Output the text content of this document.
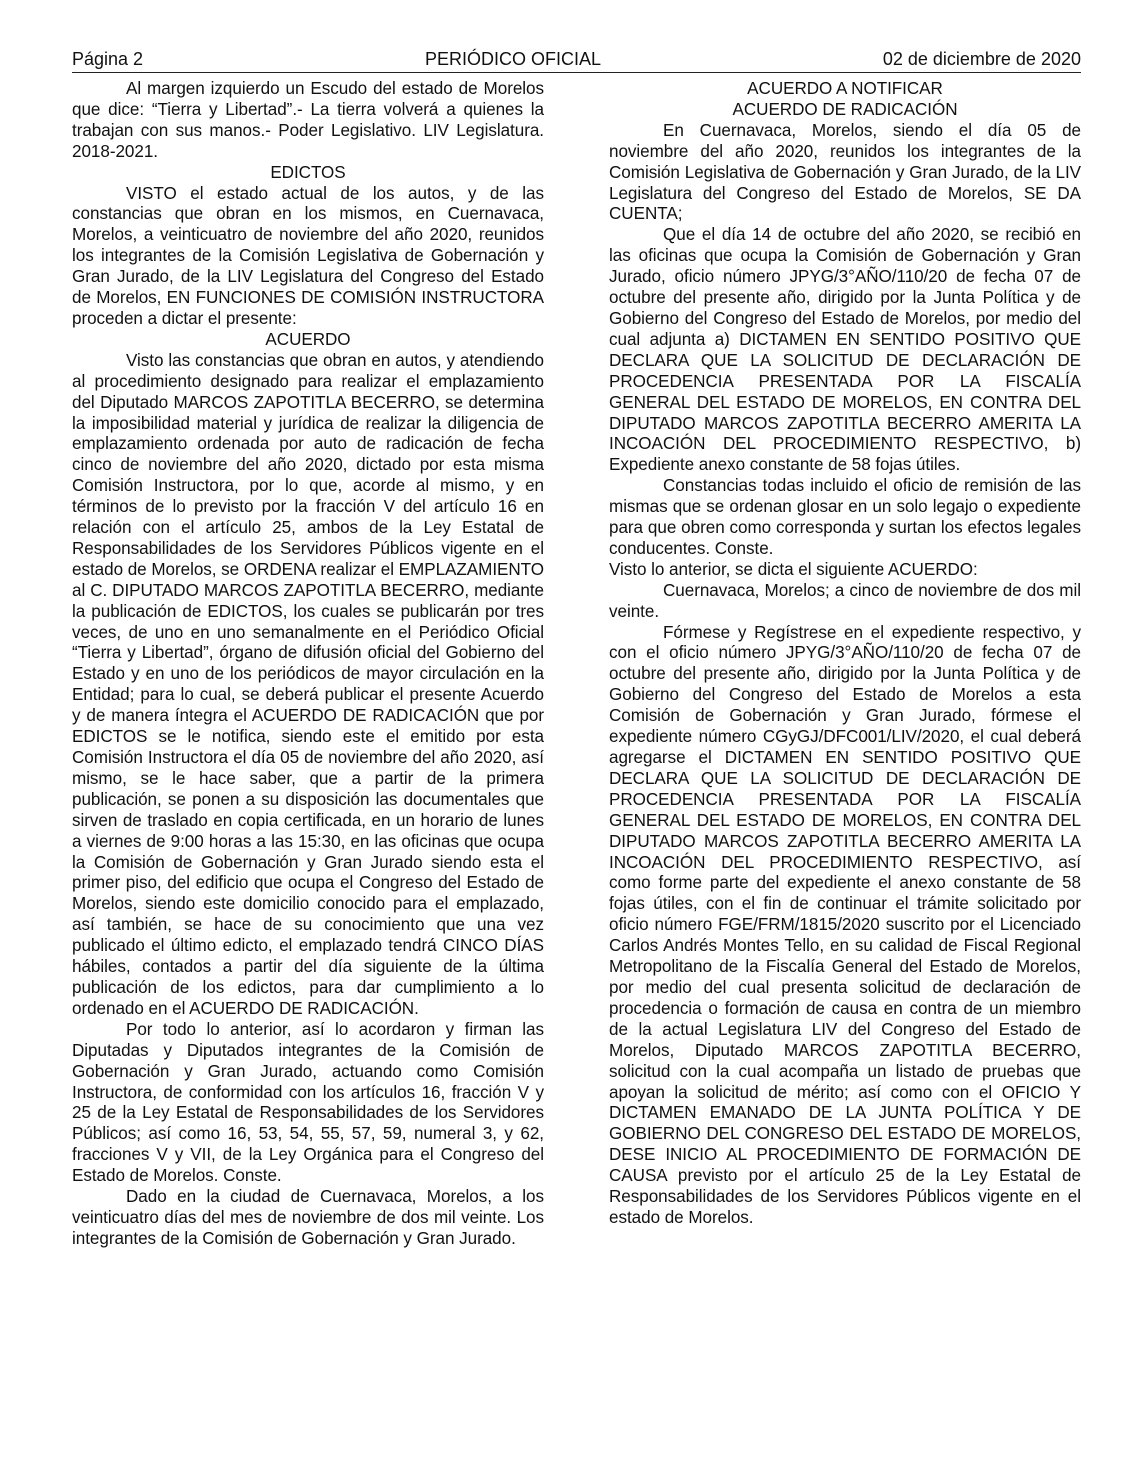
Página 2	PERIÓDICO OFICIAL	02 de diciembre de 2020

Al margen izquierdo un Escudo del estado de Morelos que dice: “Tierra y Libertad”.- La tierra volverá a quienes la trabajan con sus manos.- Poder Legislativo. LIV Legislatura. 2018-2021.

EDICTOS

VISTO el estado actual de los autos, y de las constancias que obran en los mismos, en Cuernavaca, Morelos, a veinticuatro de noviembre del año 2020, reunidos los integrantes de la Comisión Legislativa de Gobernación y Gran Jurado, de la LIV Legislatura del Congreso del Estado de Morelos, EN FUNCIONES DE COMISIÓN INSTRUCTORA proceden a dictar el presente:

ACUERDO

Visto las constancias que obran en autos, y atendiendo al procedimiento designado para realizar el emplazamiento del Diputado MARCOS ZAPOTITLA BECERRO, se determina la imposibilidad material y jurídica de realizar la diligencia de emplazamiento ordenada por auto de radicación de fecha cinco de noviembre del año 2020, dictado por esta misma Comisión Instructora, por lo que, acorde al mismo, y en términos de lo previsto por la fracción V del artículo 16 en relación con el artículo 25, ambos de la Ley Estatal de Responsabilidades de los Servidores Públicos vigente en el estado de Morelos, se ORDENA realizar el EMPLAZAMIENTO al C. DIPUTADO MARCOS ZAPOTITLA BECERRO, mediante la publicación de EDICTOS, los cuales se publicarán por tres veces, de uno en uno semanalmente en el Periódico Oficial “Tierra y Libertad”, órgano de difusión oficial del Gobierno del Estado y en uno de los periódicos de mayor circulación en la Entidad; para lo cual, se deberá publicar el presente Acuerdo y de manera íntegra el ACUERDO DE RADICACIÓN que por EDICTOS se le notifica, siendo este el emitido por esta Comisión Instructora el día 05 de noviembre del año 2020, así mismo, se le hace saber, que a partir de la primera publicación, se ponen a su disposición las documentales que sirven de traslado en copia certificada, en un horario de lunes a viernes de 9:00 horas a las 15:30, en las oficinas que ocupa la Comisión de Gobernación y Gran Jurado siendo esta el primer piso, del edificio que ocupa el Congreso del Estado de Morelos, siendo este domicilio conocido para el emplazado, así también, se hace de su conocimiento que una vez publicado el último edicto, el emplazado tendrá CINCO DÍAS hábiles, contados a partir del día siguiente de la última publicación de los edictos, para dar cumplimiento a lo ordenado en el ACUERDO DE RADICACIÓN.

Por todo lo anterior, así lo acordaron y firman las Diputadas y Diputados integrantes de la Comisión de Gobernación y Gran Jurado, actuando como Comisión Instructora, de conformidad con los artículos 16, fracción V y 25 de la Ley Estatal de Responsabilidades de los Servidores Públicos; así como 16, 53, 54, 55, 57, 59, numeral 3, y 62, fracciones V y VII, de la Ley Orgánica para el Congreso del Estado de Morelos. Conste.

Dado en la ciudad de Cuernavaca, Morelos, a los veinticuatro días del mes de noviembre de dos mil veinte. Los integrantes de la Comisión de Gobernación y Gran Jurado.

ACUERDO A NOTIFICAR
ACUERDO DE RADICACIÓN

En Cuernavaca, Morelos, siendo el día 05 de noviembre del año 2020, reunidos los integrantes de la Comisión Legislativa de Gobernación y Gran Jurado, de la LIV Legislatura del Congreso del Estado de Morelos, SE DA CUENTA;

Que el día 14 de octubre del año 2020, se recibió en las oficinas que ocupa la Comisión de Gobernación y Gran Jurado, oficio número JPYG/3°AÑO/110/20 de fecha 07 de octubre del presente año, dirigido por la Junta Política y de Gobierno del Congreso del Estado de Morelos, por medio del cual adjunta a) DICTAMEN EN SENTIDO POSITIVO QUE DECLARA QUE LA SOLICITUD DE DECLARACIÓN DE PROCEDENCIA PRESENTADA POR LA FISCALÍA GENERAL DEL ESTADO DE MORELOS, EN CONTRA DEL DIPUTADO MARCOS ZAPOTITLA BECERRO AMERITA LA INCOACIÓN DEL PROCEDIMIENTO RESPECTIVO, b) Expediente anexo constante de 58 fojas útiles.

Constancias todas incluido el oficio de remisión de las mismas que se ordenan glosar en un solo legajo o expediente para que obren como corresponda y surtan los efectos legales conducentes. Conste.

Visto lo anterior, se dicta el siguiente ACUERDO:

Cuernavaca, Morelos; a cinco de noviembre de dos mil veinte.

Fórmese y Regístrese en el expediente respectivo, y con el oficio número JPYG/3°AÑO/110/20 de fecha 07 de octubre del presente año, dirigido por la Junta Política y de Gobierno del Congreso del Estado de Morelos a esta Comisión de Gobernación y Gran Jurado, fórmese el expediente número CGyGJ/DFC001/LIV/2020, el cual deberá agregarse el DICTAMEN EN SENTIDO POSITIVO QUE DECLARA QUE LA SOLICITUD DE DECLARACIÓN DE PROCEDENCIA PRESENTADA POR LA FISCALÍA GENERAL DEL ESTADO DE MORELOS, EN CONTRA DEL DIPUTADO MARCOS ZAPOTITLA BECERRO AMERITA LA INCOACIÓN DEL PROCEDIMIENTO RESPECTIVO, así como forme parte del expediente el anexo constante de 58 fojas útiles, con el fin de continuar el trámite solicitado por oficio número FGE/FRM/1815/2020 suscrito por el Licenciado Carlos Andrés Montes Tello, en su calidad de Fiscal Regional Metropolitano de la Fiscalía General del Estado de Morelos, por medio del cual presenta solicitud de declaración de procedencia o formación de causa en contra de un miembro de la actual Legislatura LIV del Congreso del Estado de Morelos, Diputado MARCOS ZAPOTITLA BECERRO, solicitud con la cual acompaña un listado de pruebas que apoyan la solicitud de mérito; así como con el OFICIO Y DICTAMEN EMANADO DE LA JUNTA POLÍTICA Y DE GOBIERNO DEL CONGRESO DEL ESTADO DE MORELOS, DESE INICIO AL PROCEDIMIENTO DE FORMACIÓN DE CAUSA previsto por el artículo 25 de la Ley Estatal de Responsabilidades de los Servidores Públicos vigente en el estado de Morelos.
